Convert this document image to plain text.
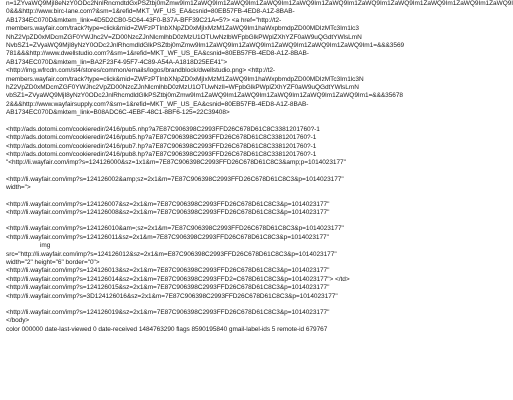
n=1ZYvaWQ9MjI8eNzY0ODc2NnlRncmdtdGxPSZtbj0mZmw9Im1ZaWQ9Im1ZaWQ9Im1ZaWQ9Im1ZaWQ9Im1ZaWQ9Im1ZaWQ9Im1ZaWQ9Im1ZaWQ9Im1ZaWQ9Im1ZaWQ9I
0&&&http://www.birc-lane.com?&sm=1&refid=MKT_WF_US_EA&csnid=80EB57FB-4ED8-A1Z-8BAB-
AB1734EC070D&mktem_link=4D5D2CB0-5C64-43F0-B37A-BFF39C21A=5?> <a href="http://t2-
members.wayfair.com/track?type=click&mid=ZWFzPTInbXNpZD0xMjIxMzM1ZaWQ9Im1haWxpbmdpZD00MDIzMTc3Im1lc3
NhZ2VpZD0xMDcmZGF0YWJhc2V=ZD00NzcZJnNlcmlhbD0zMzU1OTUwNzlbWFpbGlkPWplZXhYZF0aW9uQGdtYWlsLmN
NvbSZ1=ZVyaWQ9MjI8yNzY0ODc2JnlRhcmdldGlkPSZtbj0mZmw9Im1ZaWQ9Im1ZaWQ9Im1ZaWQ9Im1ZaWQ9Im1ZaWQ9Im1=&&&3569
781&&&http://www.dwellstudio.com?&sm=1&refid=MKT_WF_US_EA&csnid=80EB57FB-4ED8-A1Z-8BAB-
AB1734EC070D&mktem_lin=BA2F23F4-95F7-4C89-A54A-A1818D25EE41">
<http://img.wfrcdn.com/st4/stores/common/emails/logos/brandblock/dwellstudio.png> <http://t2-
members.wayfair.com/track?type=click&mid=ZWFzPTInbXNpZD0xMjIxMzM1ZaWQ9Im1haWxpbmdpZD00MDIzMTc3Im1lc3N
hZ2VpZD0xMDcmZGF0YWJhc2VpZD00NzcZJnNlcmlhbD0zMzU1OTUwNzlI=WFpbGlkPWplZXhYZF0aW9uQGdtYWlsLmN
vbSZ1=ZVyaWQ9MjI8yNzY0ODc2JnlRhcmdldGlkPSZtbj0mZmw9Im1ZaWQ9Im1ZaWQ9Im1ZaWQ9Im1ZaWQ9Im1ZaWQ9Im1=&&&35678
2&&&http://www.wayfairsupply.com?&sm=1&refid=MKT_WF_US_EA&csnid=80EB57FB-4ED8-A1Z-8BAB-
AB1734EC070D&mktem_link=B08ADC6C-4EBF-48C1-8BF6-125=22C39408>
<http://ads.dotomi.com/cookieredir/2416/pub5.nhp?a7E87C906398C2993FFD26C678D61C8C3381201760?-1
<http://ads.dotomi.com/cookieredir/2416/pub5.hp?a7E87C906398C2993FFD26C678D61C8C3381201760?-1
<http://ads.dotomi.com/cookieredir/2416/pub7.hp?a7E87C906398C2993FFD26C678D61C8C3381201760?-1
<http://ads.dotomi.com/cookieredir/2416/pub8.hp?a7E87C906398C2993FFD26C678D61C8C3381201760?-1
"<http://li.wayfair.com/imp?s=124126000&sz=1x1&m=7E87C906398C2993FFD26C678D61C8C3&amp;p=1014023177"
<http://li.wayfair.com/imp?s=124126002&amp;sz=2x1&m=7E87C906398C2993FFD26C678D61C8C3&p=1014023177"
width=">
<http://li.wayfair.com/imp?s=124126007&sz=2x1&m=7E87C906398C2993FFD26C678D61C8C3&p=1014023177"
<http://li.wayfair.com/imp?s=124126008&sz=2x1&m=7E87C906398C2993FFD26C678D61C8C3&p=1014023177"
<http://li.wayfair.com/imp?s=124126010&am=;sz=2x1&m=7E87C906398C2993FFD26C678D61C8C3&p=1014023177"
<http://li.wayfair.com/imp?s=124126011&sz=2x1&m=7E87C906398C2993FFD26C678D61C8C3&p=1014023177"
img
src="http://li.wayfair.com/imp?s=124126012&sz=2x1&m=E87C906398C2993FFD26C678D61C8C3&p=1014023177"
width="2" height="6" border="0">
<http://li.wayfair.com/imp?s=124126013&sz=2x1&m=7E87C906398C2993FFD26C678D61C8C3&p=1014023177"
<http://li.wayfair.com/imp?s=124126014&sz=2x1&m=7E87C906398C2993FFD2=C678D61C8C3&p=1014023177"> </td>
<http://li.wayfair.com/imp?s=124126015&sz=2x1&m=7E87C906398C2993FFD26C678D61C8C3&p=1014023177"
<http://li.wayfair.com/imp?s=3D124126016&sz=2x1&m=7E87C906398C2993FFD26C678D61C8C3&p=1014023177"
<http://li.wayfair.com/imp?s=124126019&sz=2x1&m=7E87C906398C2993FFD26C678D61C8C3&p=1014023177"
</body>
color 000000 date-last-viewed 0 date-received 1484763290 flags 8590195840 gmail-label-ids 5 remote-id 679767
